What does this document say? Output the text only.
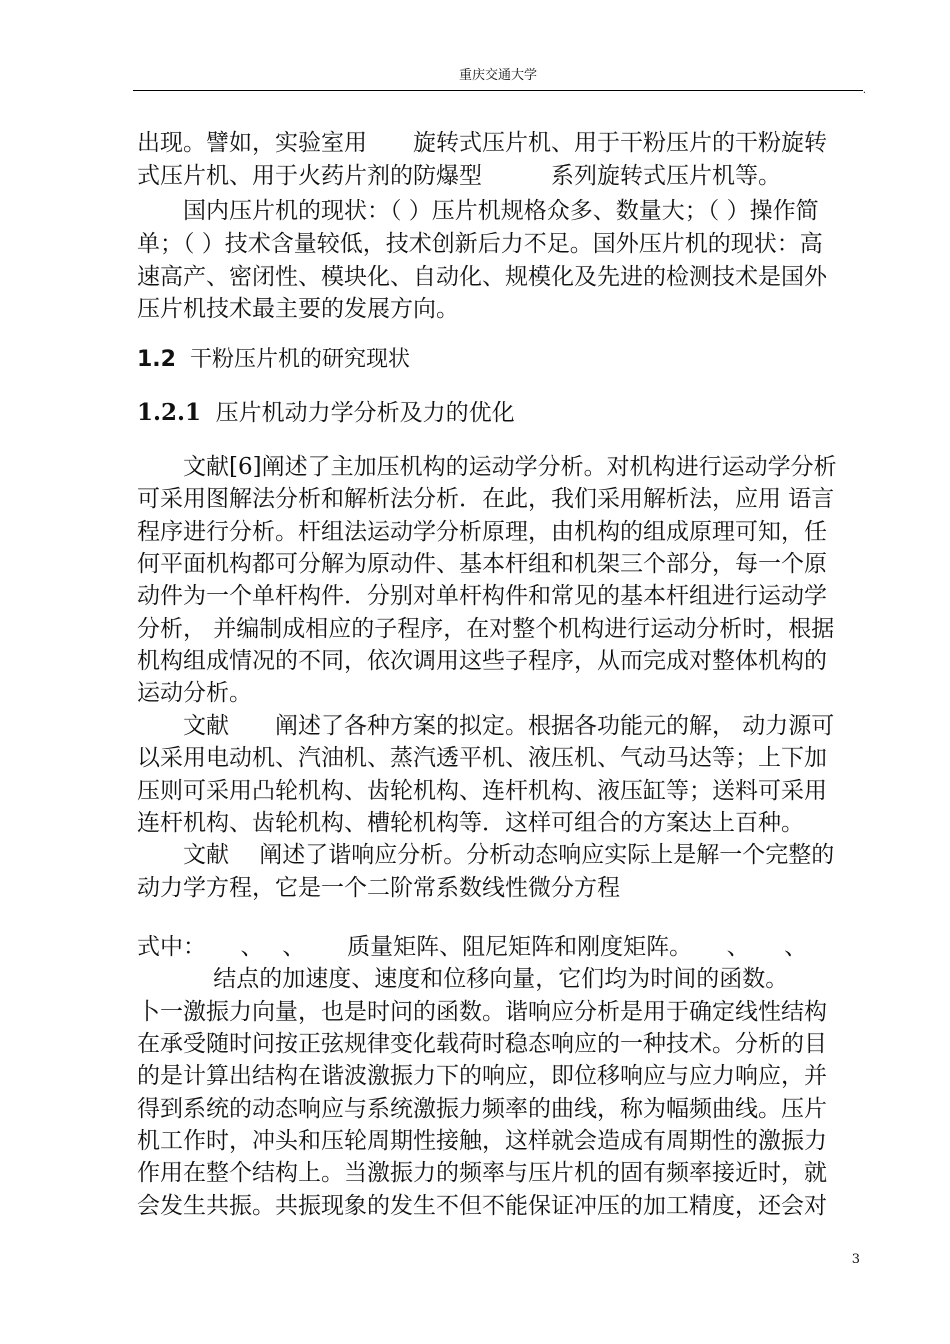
重庆交通大学
.
出现。譬如，实验室用　　旋转式压片机、用于干粉压片的干粉旋转
式压片机、用于火药片剂的防爆型　　　系列旋转式压片机等。
　　国内压片机的现状：（ ）压片机规格众多、数量大；（ ）操作简
单；（ ）技术含量较低，技术创新后力不足。国外压片机的现状：高
速高产、密闭性、模块化、自动化、规模化及先进的检测技术是国外
压片机技术最主要的发展方向。
1.2 干粉压片机的研究现状
1.2.1 压片机动力学分析及力的优化
　　文献[6]阐述了主加压机构的运动学分析。对机构进行运动学分析
可采用图解法分析和解析法分析．在此，我们采用解析法，应用 语言
程序进行分析。杆组法运动学分析原理，由机构的组成原理可知，任
何平面机构都可分解为原动件、基本杆组和机架三个部分，每一个原
动件为一个单杆构件．分别对单杆构件和常见的基本杆组进行运动学
分析， 并编制成相应的子程序，在对整个机构进行运动分析时，根据
机构组成情况的不同，依次调用这些子程序，从而完成对整体机构的
运动分析。
　　文献　　阐述了各种方案的拟定。根据各功能元的解， 动力源可
以采用电动机、汽油机、蒸汽透平机、液压机、气动马达等；上下加
压则可采用凸轮机构、齿轮机构、连杆机构、液压缸等；送料可采用
连杆机构、齿轮机构、槽轮机构等．这样可组合的方案达上百种。
　　文献　 阐述了谐响应分析。分析动态响应实际上是解一个完整的
动力学方程，它是一个二阶常系数线性微分方程
式中：　　、　 、　　 质量矩阵、阻尼矩阵和刚度矩阵。　　、　　、
　　　 结点的加速度、速度和位移向量，它们均为时间的函数。
卜一激振力向量，也是时问的函数。谐响应分析是用于确定线性结构
在承受随时问按正弦规律变化载荷时稳态响应的一种技术。分析的目
的是计算出结构在谐波激振力下的响应，即位移响应与应力响应，并
得到系统的动态响应与系统激振力频率的曲线，称为幅频曲线。压片
机工作时，冲头和压轮周期性接触，这样就会造成有周期性的激振力
作用在整个结构上。当激振力的频率与压片机的固有频率接近时，就
会发生共振。共振现象的发生不但不能保证冲压的加工精度，还会对
3
